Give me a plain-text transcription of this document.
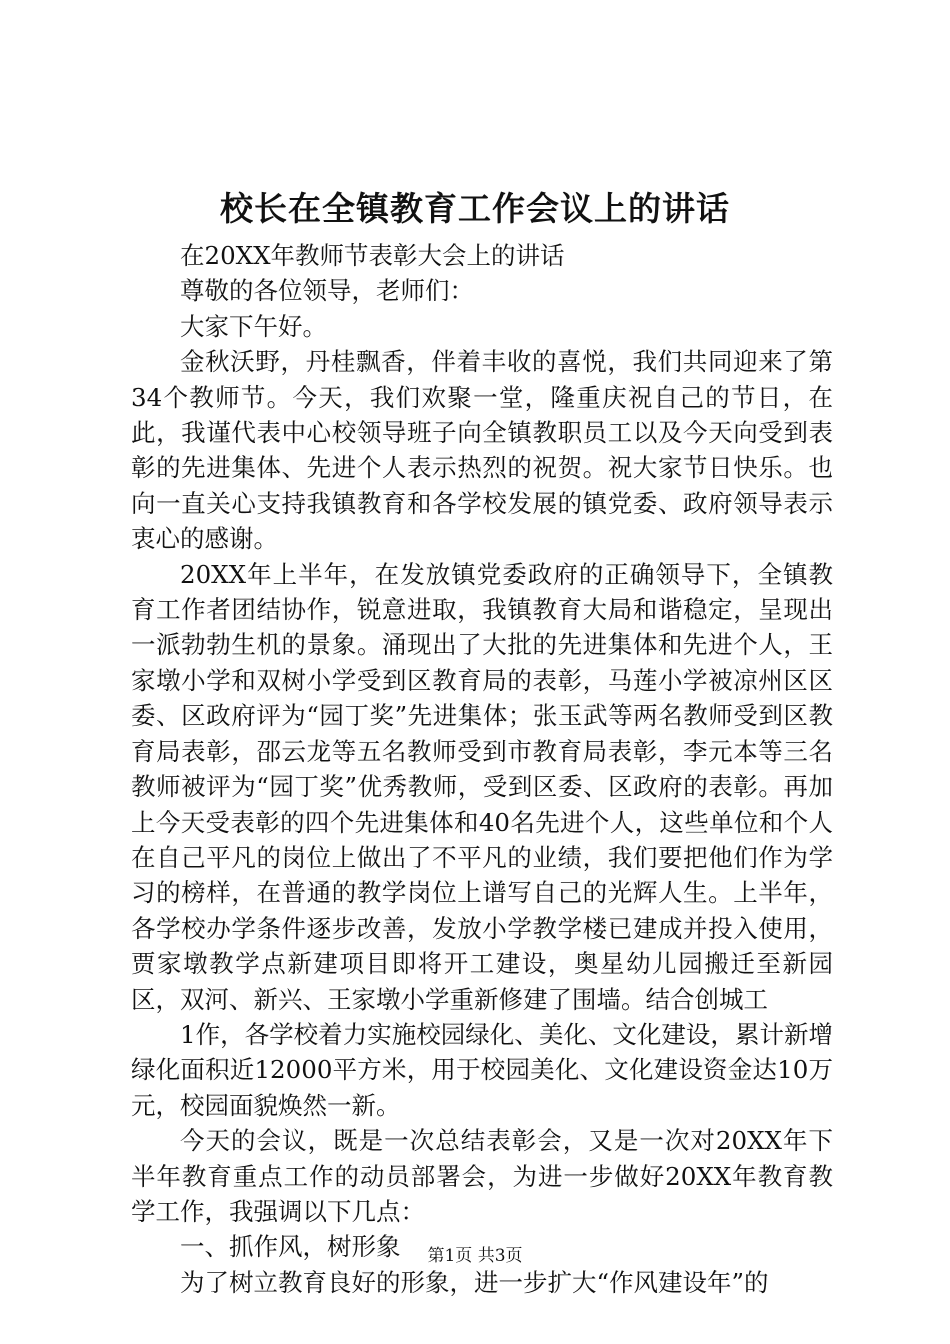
校长在全镇教育工作会议上的讲话

在20XX年教师节表彰大会上的讲话

尊敬的各位领导，老师们：

大家下午好。

金秋沃野，丹桂飘香，伴着丰收的喜悦，我们共同迎来了第34个教师节。今天，我们欢聚一堂，隆重庆祝自己的节日，在此，我谨代表中心校领导班子向全镇教职员工以及今天向受到表彰的先进集体、先进个人表示热烈的祝贺。祝大家节日快乐。也向一直关心支持我镇教育和各学校发展的镇党委、政府领导表示衷心的感谢。

20XX年上半年，在发放镇党委政府的正确领导下，全镇教育工作者团结协作，锐意进取，我镇教育大局和谐稳定，呈现出一派勃勃生机的景象。涌现出了大批的先进集体和先进个人，王家墩小学和双树小学受到区教育局的表彰，马莲小学被凉州区区委、区政府评为“园丁奖”先进集体；张玉武等两名教师受到区教育局表彰，邵云龙等五名教师受到市教育局表彰，李元本等三名教师被评为“园丁奖”优秀教师，受到区委、区政府的表彰。再加上今天受表彰的四个先进集体和40名先进个人，这些单位和个人在自己平凡的岗位上做出了不平凡的业绩，我们要把他们作为学习的榜样，在普通的教学岗位上谱写自己的光辉人生。上半年，各学校办学条件逐步改善，发放小学教学楼已建成并投入使用，贾家墩教学点新建项目即将开工建设，奥星幼儿园搬迁至新园区，双河、新兴、王家墩小学重新修建了围墙。结合创城工

1作，各学校着力实施校园绿化、美化、文化建设，累计新增绿化面积近12000平方米，用于校园美化、文化建设资金达10万元，校园面貌焕然一新。

今天的会议，既是一次总结表彰会，又是一次对20XX年下半年教育重点工作的动员部署会，为进一步做好20XX年教育教学工作，我强调以下几点：

一、抓作风，树形象

为了树立教育良好的形象，进一步扩大“作风建设年”的

第1页 共3页
